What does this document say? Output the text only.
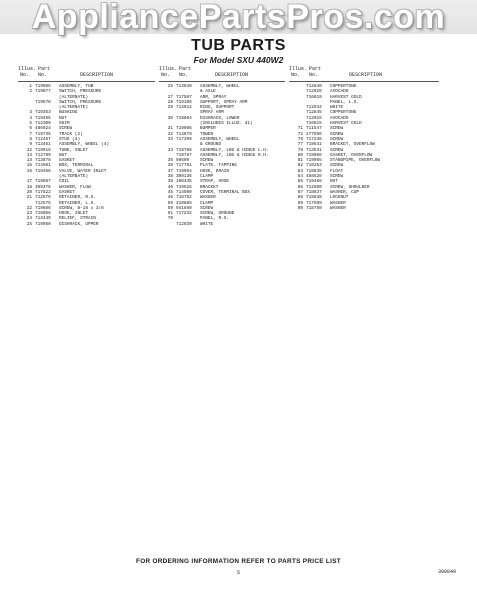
AppliancePartsPros.com
TUB PARTS
For Model SXU 440W2
Illus. Part
No. No.	DESCRIPTION
1 719066	ASSEMBLY, TUB
2 719077	SWITCH, PRESSURE
(ALTERNATE)
719578	SWITCH, PRESSURE
(ALTERNATE)
3 719353	BUSHING
4 719455	NUT
5 712300	SHIM
6 486924	SCREW
7 719735	TRACK (2)
8 712457	STUD (4)
9 713461	ASSEMBLY, WHEEL (4)
12 719918	TUBE, INLET
13 712799	NUT
14 713878	GASKET
15 714501	BOX, TERMINAL
16 719456	VALVE, WATER INLET
(ALTERNATE)
17 719887	COIL
18 369378	WASHER, FLOW
20 717822	GASKET
21 712576	RETAINER, R.S.
712575	RETAINER, L.S.
22 719666	SCREW, 8-18 x 3/8
23 718058	HOSE, INLET
24 713449	RELIEF, STRAIN
25 719960	DISHRACK, UPPER
Illus. Part
No. No.	DESCRIPTION
26 713849	ASSEMBLY, WHEEL
& AXLE
27 717587	ARM, SPRAY
28 719106	SUPPORT, SPRAY ARM
29 714912	RING, SUPPORT
SPRAY ARM
30 719804	DISHRACK, LOWER
(INCLUDES ILLUS. 31)
31 719966	BUMPER
32 714679	TOWER
33 717399	ASSEMBLY, WHEEL
& GROUND
34 719788	ASSEMBLY, LBG & HINGE L.H.
719787	ASSEMBLY, LBG & HINGE R.H.
35 98609	SCREW
36 717761	PLATE, TAPPING
37 719954	HOSE, DRAIN
38 309136	CLAMP
39 106435	STRAP, HOSE
40 719525	BRACKET
45 714500	COVER, TERMINAL BOX
46 718762	WASHER
56 310885	CLAMP
59 941650	SCREW
61 717232	SCREW, GROUND
70	PANEL, R.S.
712839	WHITE
Illus. Part
No. No.	DESCRIPTION
712840	COPPERTONE
712020	AVOCADO
716619	HARVEST GOLD
PANEL, L.S.
712844	WHITE
712845	COPPERTONE
712016	AVOCADO
716615	HARVEST GOLD
71 711547	SCREW
72 277556	SCREW
76 717236	SCREW
77 719541	BRACKET, OVERFLOW
78 713531	SCREW
80 719966	GASKET, OVERFLOW
81 719965	STANDPIPE, OVERFLOW
82 716253	SCREW
83 718635	FLOAT
84 488526	SCREW
85 719466	NUT
86 712890	SCREW, SHOULDER
87 718837	WASHER, CUP
88 718838	LOCKNUT
89 717599	WASHER
90 718750	WASHER
FOR ORDERING INFORMATION REFER TO PARTS PRICE LIST
5	308049
